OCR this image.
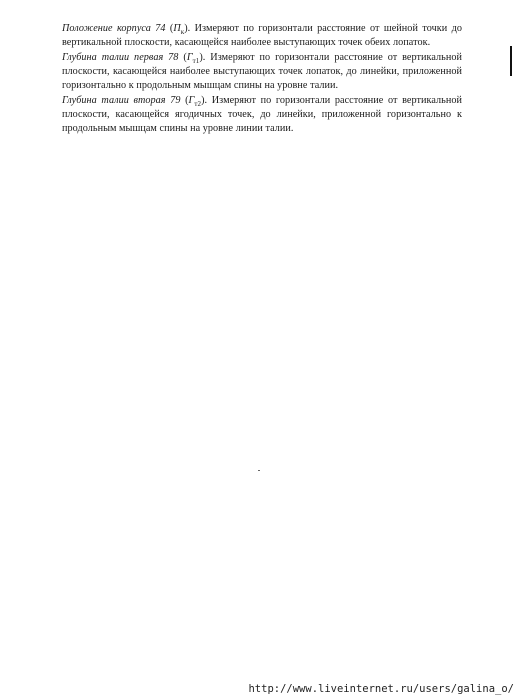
Положение корпуса 74 $(П_к)$. Измеряют по горизонтали расстояние от шейной точки до вертикальной плоскости, касающейся наиболее выступающих точек обеих лопаток.

Глубина талии первая 78 $(Г_{т1})$. Измеряют по горизонтали расстояние от вертикальной плоскости, касающейся наиболее выступающих точек лопаток, до линейки, приложенной горизонтально к продольным мышцам спины на уровне талии.

Глубина талии вторая 79 $(Г_{т2})$. Измеряют по горизонтали расстояние от вертикальной плоскости, касающейся ягодичных точек, до линейки, приложенной горизонтально к продольным мышцам спины на уровне линии талии.

http://www.liveinternet.ru/users/galina_o/
